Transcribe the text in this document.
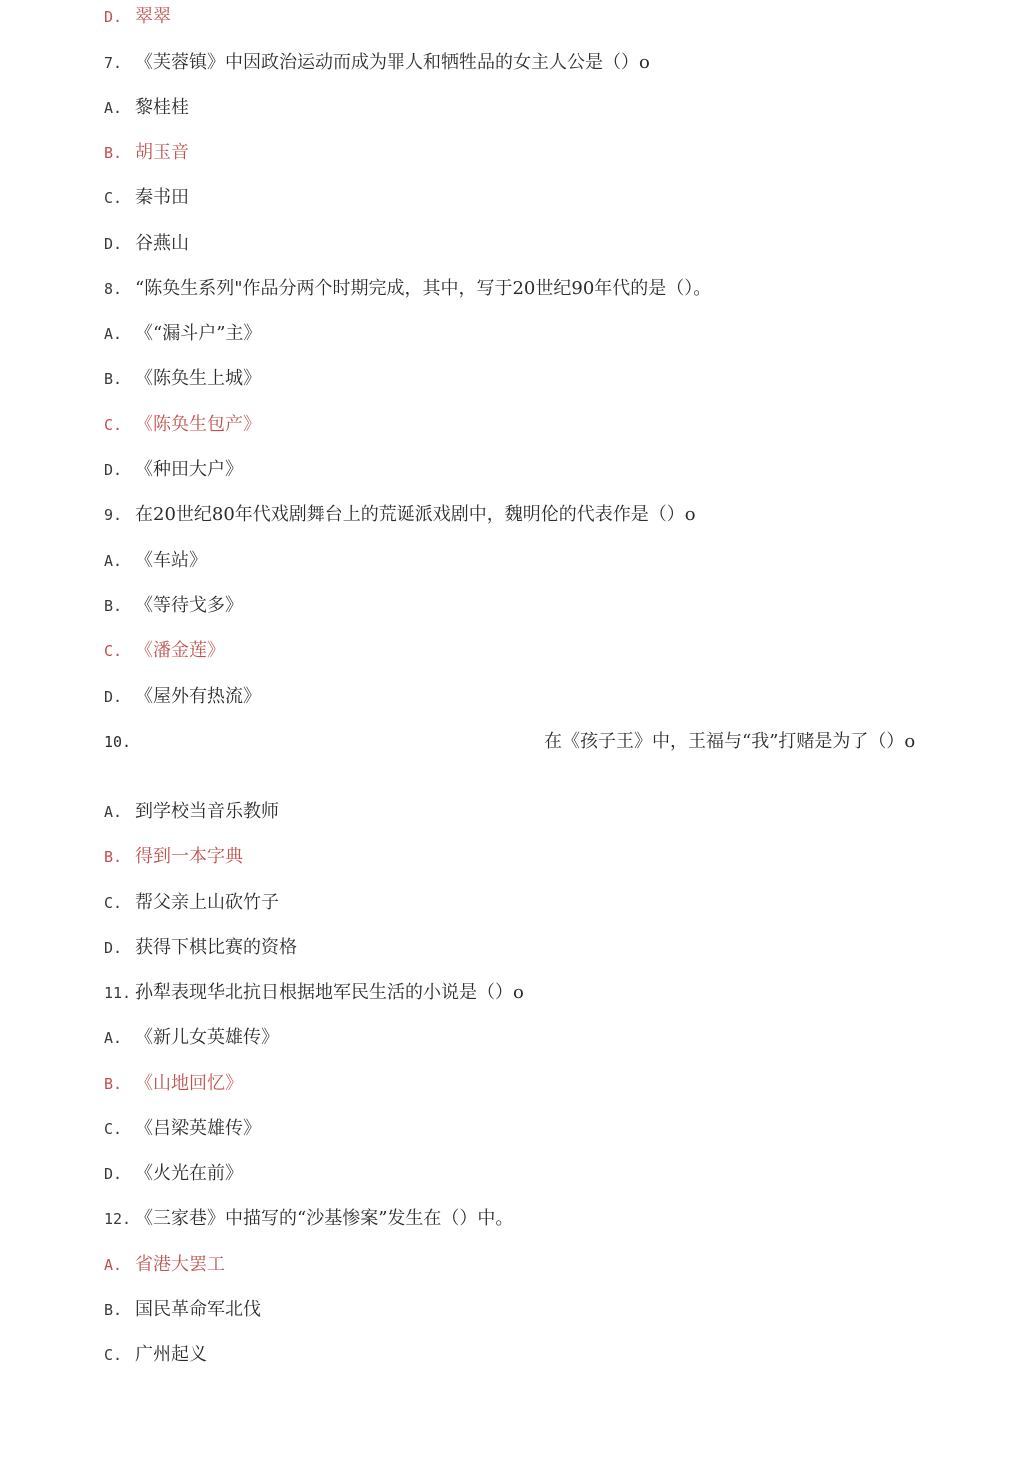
D. 翠翠
7. 《芙蓉镇》中因政治运动而成为罪人和牺牲品的女主人公是（）o
A. 黎桂桂
B. 胡玉音
C. 秦书田
D. 谷燕山
8. “陈奂生系列"作品分两个时期完成，其中，写于20世纪90年代的是（）。
A. 《“漏斗户”主》
B. 《陈奂生上城》
C. 《陈奂生包产》
D. 《种田大户》
9. 在20世纪80年代戏剧舞台上的荒诞派戏剧中，魏明伦的代表作是（）o
A. 《车站》
B. 《等待戈多》
C. 《潘金莲》
D. 《屋外有热流》
10.	在《孩子王》中，王福与“我”打赌是为了（）o
A. 到学校当音乐教师
B. 得到一本字典
C. 帮父亲上山砍竹子
D. 获得下棋比赛的资格
11. 孙犁表现华北抗日根据地军民生活的小说是（）o
A. 《新儿女英雄传》
B. 《山地回忆》
C. 《吕梁英雄传》
D. 《火光在前》
12. 《三家巷》中描写的“沙基惨案”发生在（）中。
A. 省港大罢工
B. 国民革命军北伐
C. 广州起义
